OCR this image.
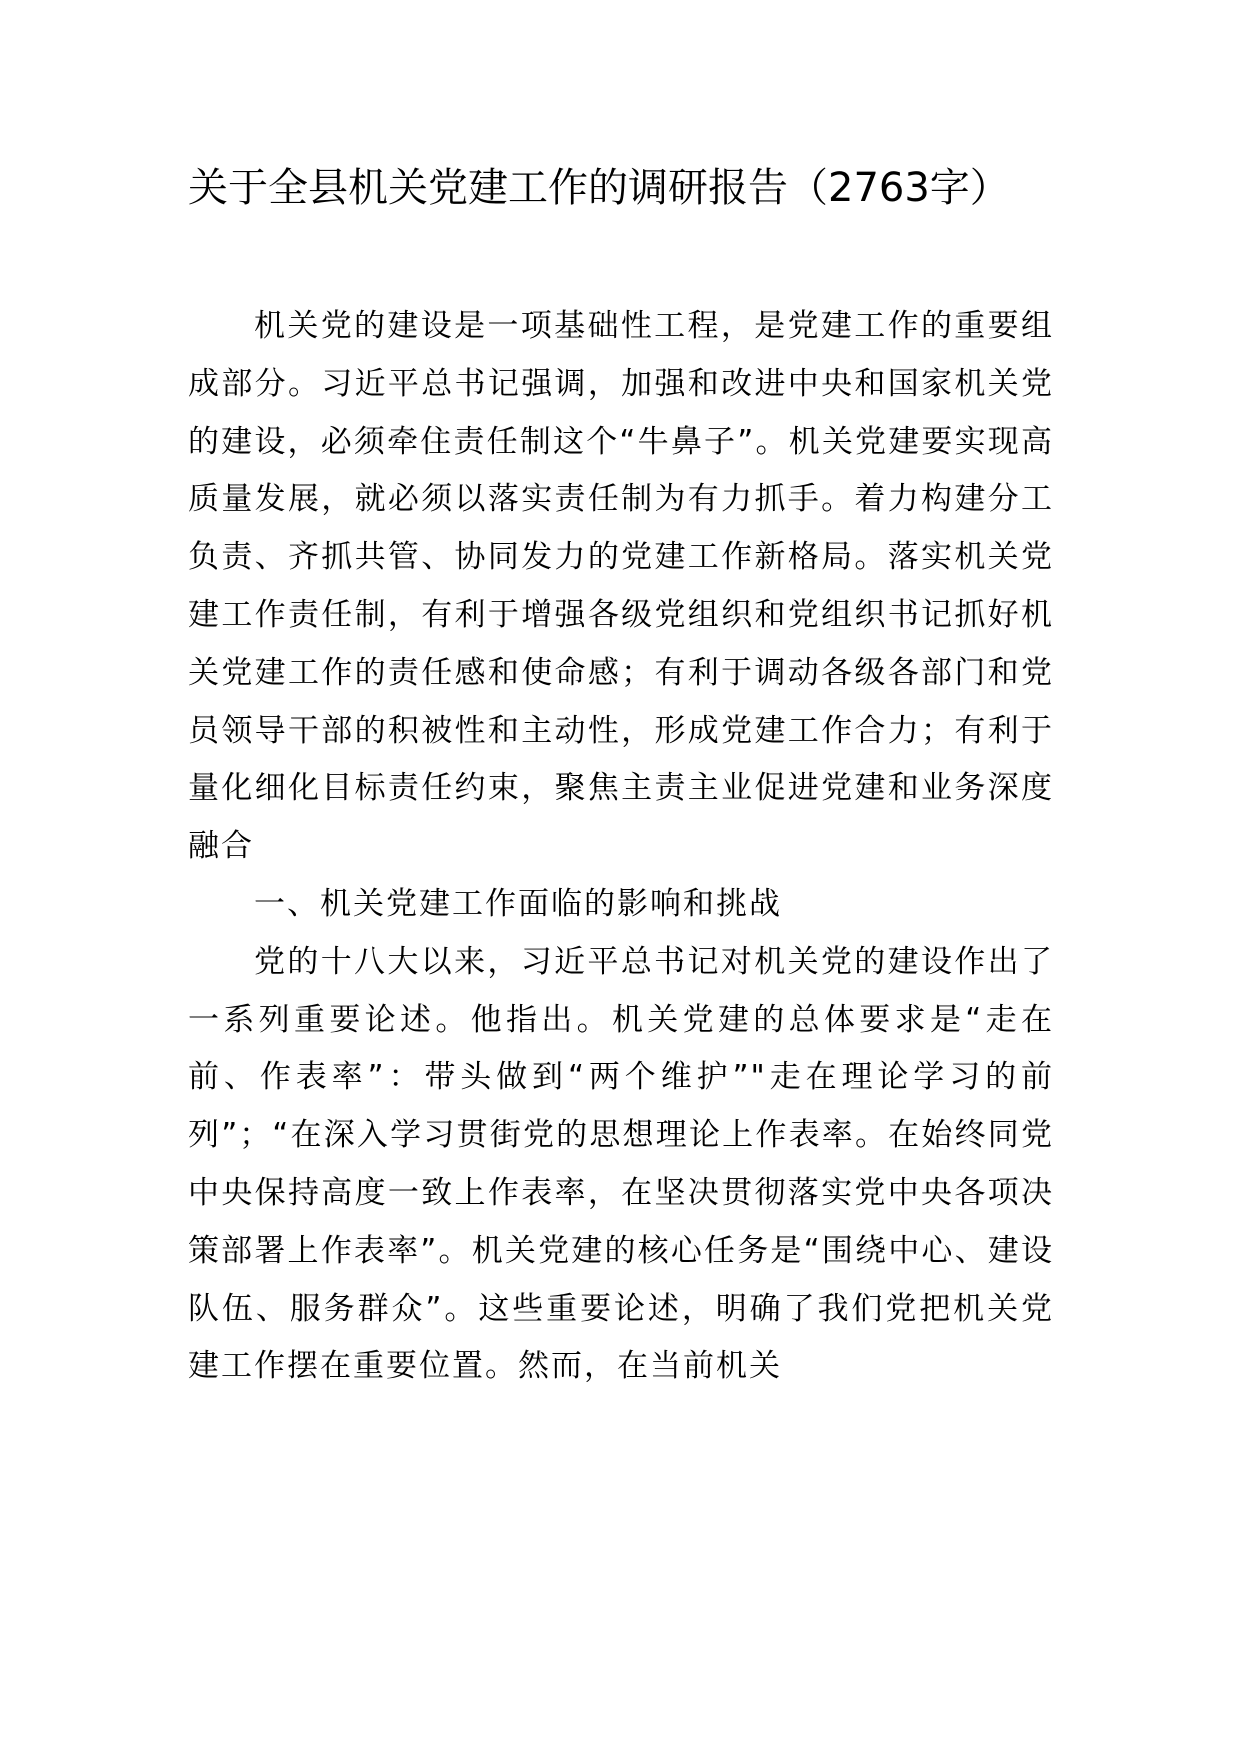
关于全县机关党建工作的调研报告（2763字）

机关党的建设是一项基础性工程，是党建工作的重要组成部分。习近平总书记强调，加强和改进中央和国家机关党的建设，必须牵住责任制这个“牛鼻子”。机关党建要实现高质量发展，就必须以落实责任制为有力抓手。着力构建分工负责、齐抓共管、协同发力的党建工作新格局。落实机关党建工作责任制，有利于增强各级党组织和党组织书记抓好机关党建工作的责任感和使命感；有利于调动各级各部门和党员领导干部的积被性和主动性，形成党建工作合力；有利于量化细化目标责任约束，聚焦主责主业促进党建和业务深度融合

一、机关党建工作面临的影响和挑战

党的十八大以来，习近平总书记对机关党的建设作出了一系列重要论述。他指出。机关党建的总体要求是“走在前、作表率”：带头做到“两个维护”"走在理论学习的前列”；“在深入学习贯街党的思想理论上作表率。在始终同党中央保持高度一致上作表率，在坚决贯彻落实党中央各项决策部署上作表率”。机关党建的核心任务是“围绕中心、建设队伍、服务群众”。这些重要论述，明确了我们党把机关党建工作摆在重要位置。然而，在当前机关
